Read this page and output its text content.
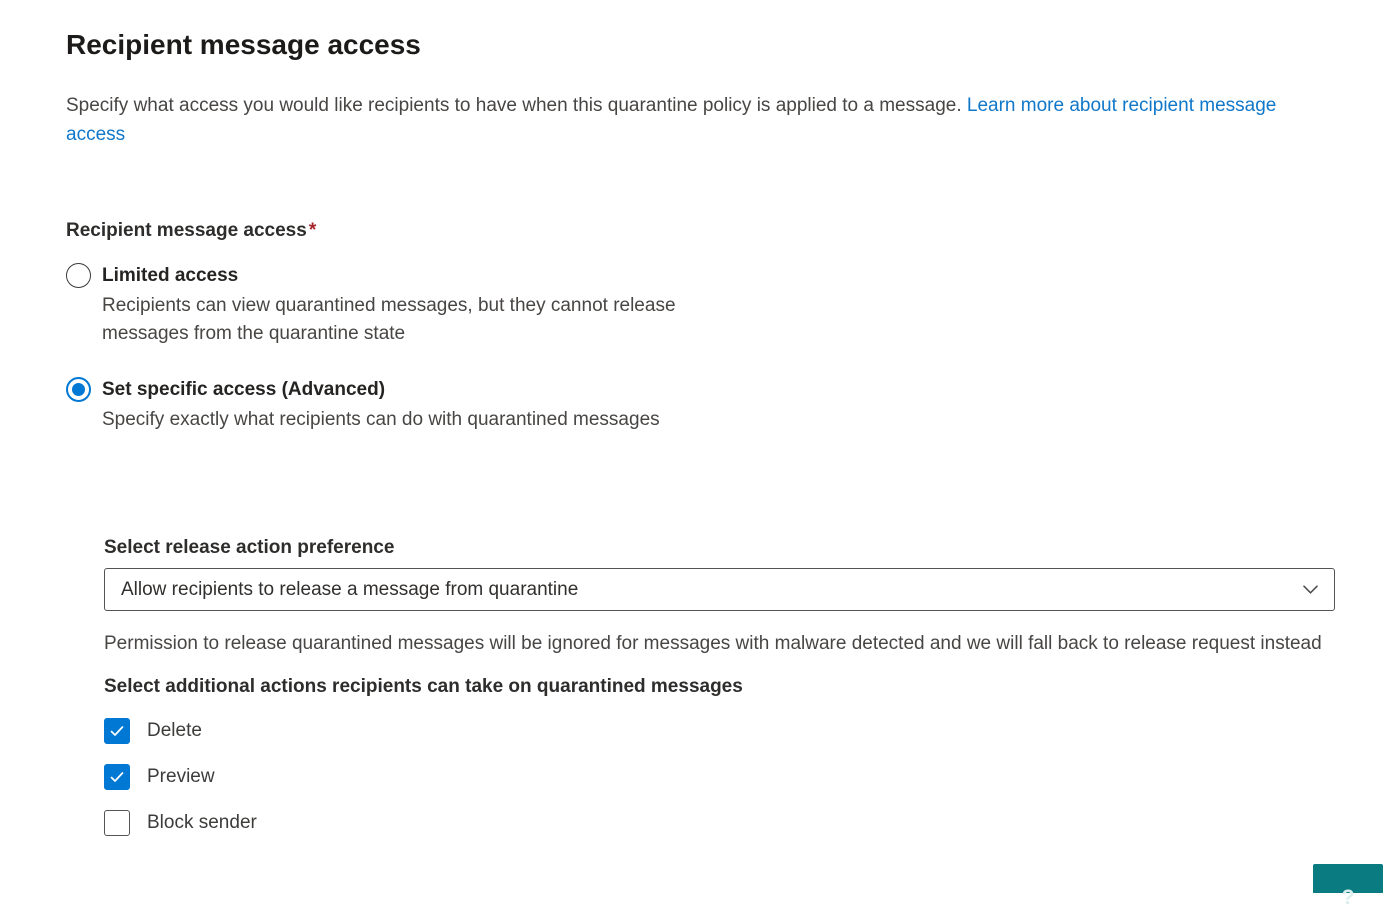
Recipient message access

Specify what access you would like recipients to have when this quarantine policy is applied to a message. Learn more about recipient message access

Recipient message access *
Limited access
Recipients can view quarantined messages, but they cannot release messages from the quarantine state
Set specific access (Advanced)
Specify exactly what recipients can do with quarantined messages
Select release action preference
Allow recipients to release a message from quarantine
Permission to release quarantined messages will be ignored for messages with malware detected and we will fall back to release request instead
Select additional actions recipients can take on quarantined messages
Delete
Preview
Block sender
?
